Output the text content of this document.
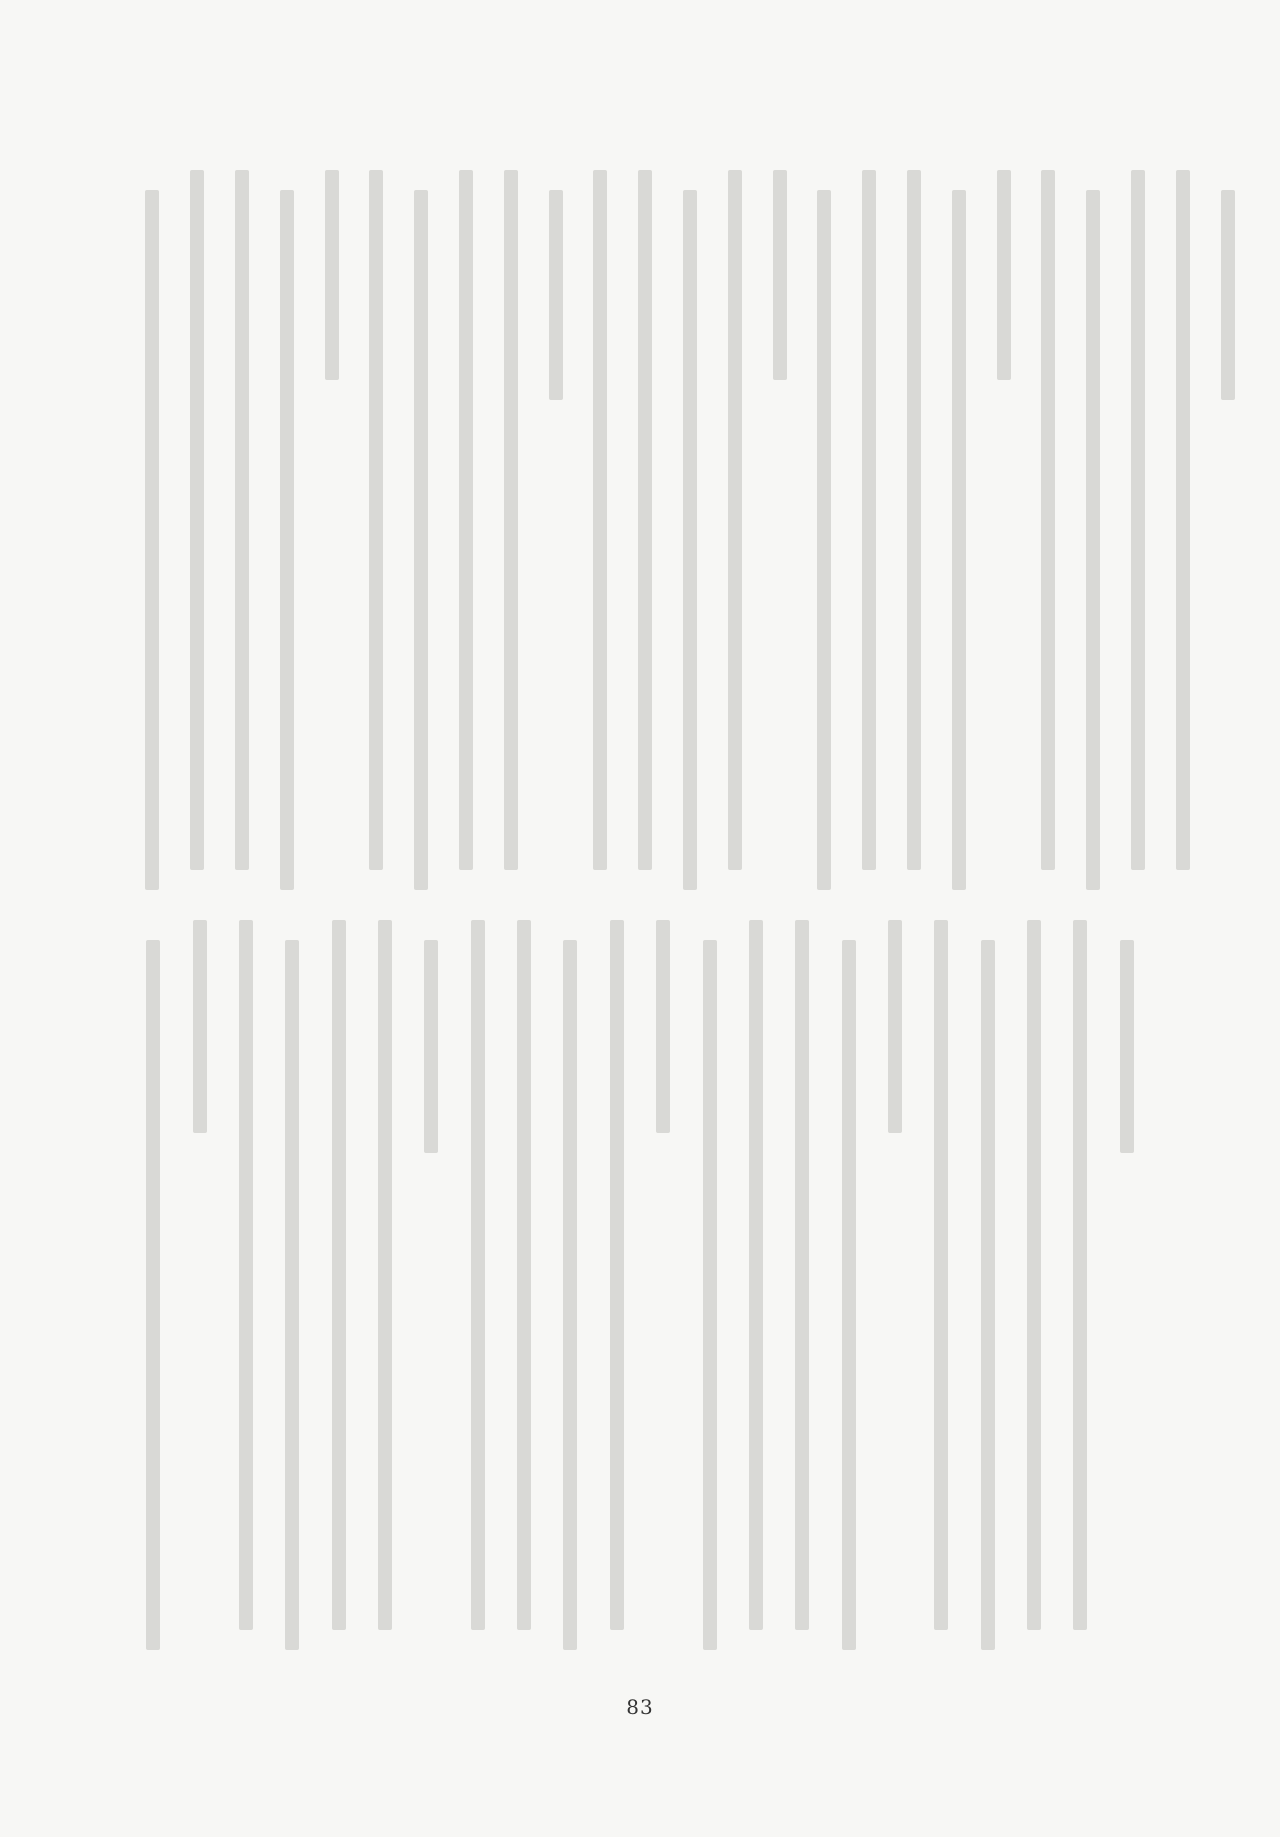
83
